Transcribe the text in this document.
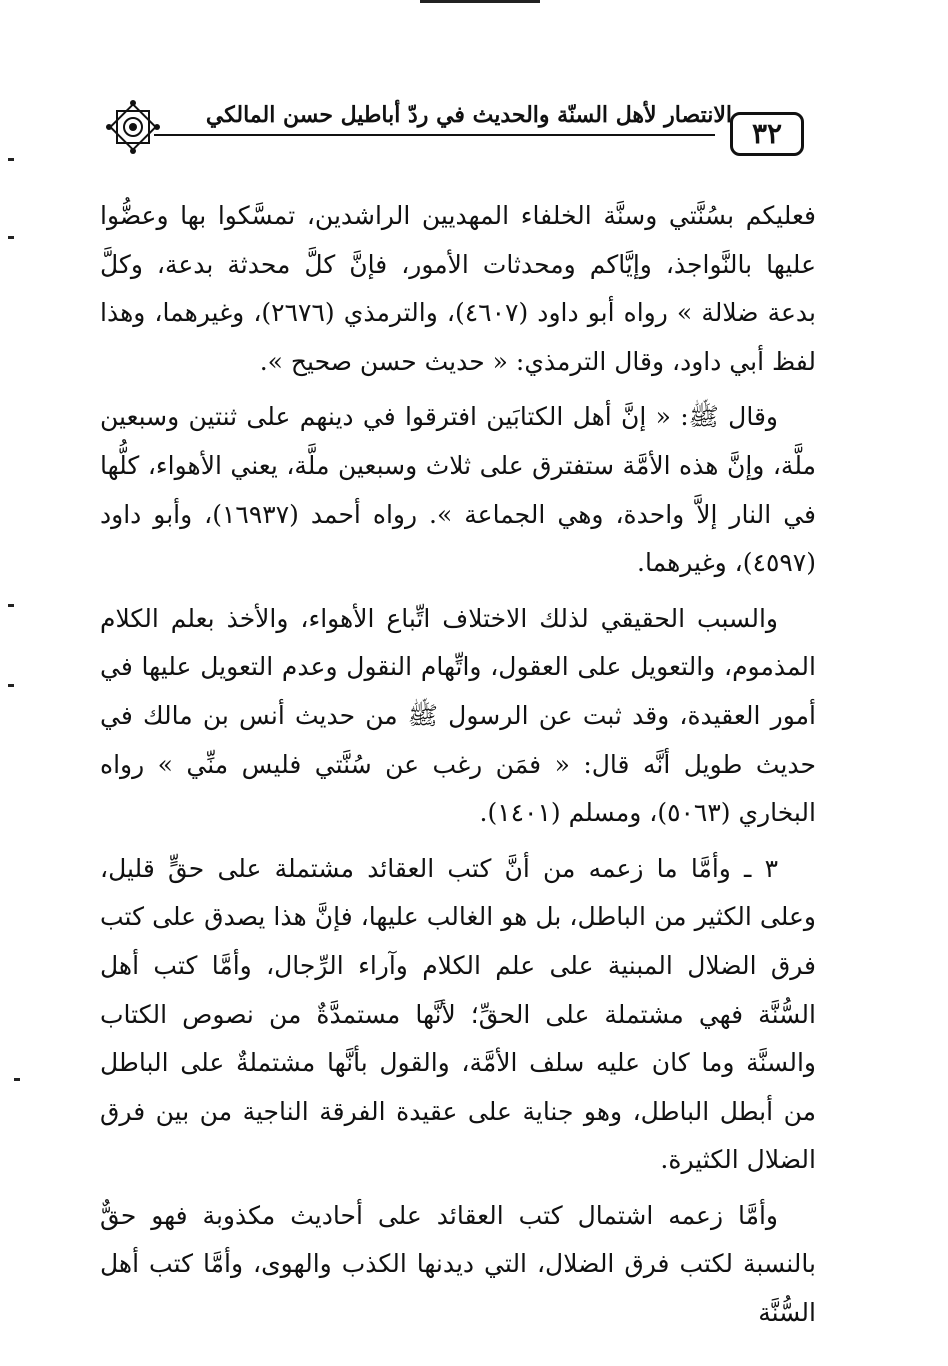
الانتصار لأهل السنّة والحديث في ردّ أباطيل حسن المالكي
٣٢

فعليكم بسُنَّتي وسنَّة الخلفاء المهديين الراشدين، تمسَّكوا بها وعضُّوا عليها بالنَّواجذ، وإيَّاكم ومحدثات الأمور، فإنَّ كلَّ محدثة بدعة، وكلَّ بدعة ضلالة » رواه أبو داود (٤٦٠٧)، والترمذي (٢٦٧٦)، وغيرهما، وهذا لفظ أبي داود، وقال الترمذي: « حديث حسن صحيح ».

وقال ﷺ: « إنَّ أهل الكتابَين افترقوا في دينهم على ثنتين وسبعين ملَّة، وإنَّ هذه الأمَّة ستفترق على ثلاث وسبعين ملَّة، يعني الأهواء، كلُّها في النار إلاَّ واحدة، وهي الجماعة ». رواه أحمد (١٦٩٣٧)، وأبو داود (٤٥٩٧)، وغيرهما.

والسبب الحقيقي لذلك الاختلاف اتِّباع الأهواء، والأخذ بعلم الكلام المذموم، والتعويل على العقول، واتِّهام النقول وعدم التعويل عليها في أمور العقيدة، وقد ثبت عن الرسول ﷺ من حديث أنس بن مالك في حديث طويل أنَّه قال: « فمَن رغب عن سُنَّتي فليس منِّي » رواه البخاري (٥٠٦٣)، ومسلم (١٤٠١).

٣ ـ وأمَّا ما زعمه من أنَّ كتب العقائد مشتملة على حقٍّ قليل، وعلى الكثير من الباطل، بل هو الغالب عليها، فإنَّ هذا يصدق على كتب فرق الضلال المبنية على علم الكلام وآراء الرِّجال، وأمَّا كتب أهل السُّنَّة فهي مشتملة على الحقِّ؛ لأنَّها مستمدَّةٌ من نصوص الكتاب والسنَّة وما كان عليه سلف الأمَّة، والقول بأنَّها مشتملةٌ على الباطل من أبطل الباطل، وهو جناية على عقيدة الفرقة الناجية من بين فرق الضلال الكثيرة.

وأمَّا زعمه اشتمال كتب العقائد على أحاديث مكذوبة فهو حقٌّ بالنسبة لكتب فرق الضلال، التي ديدنها الكذب والهوى، وأمَّا كتب أهل السُّنَّة
